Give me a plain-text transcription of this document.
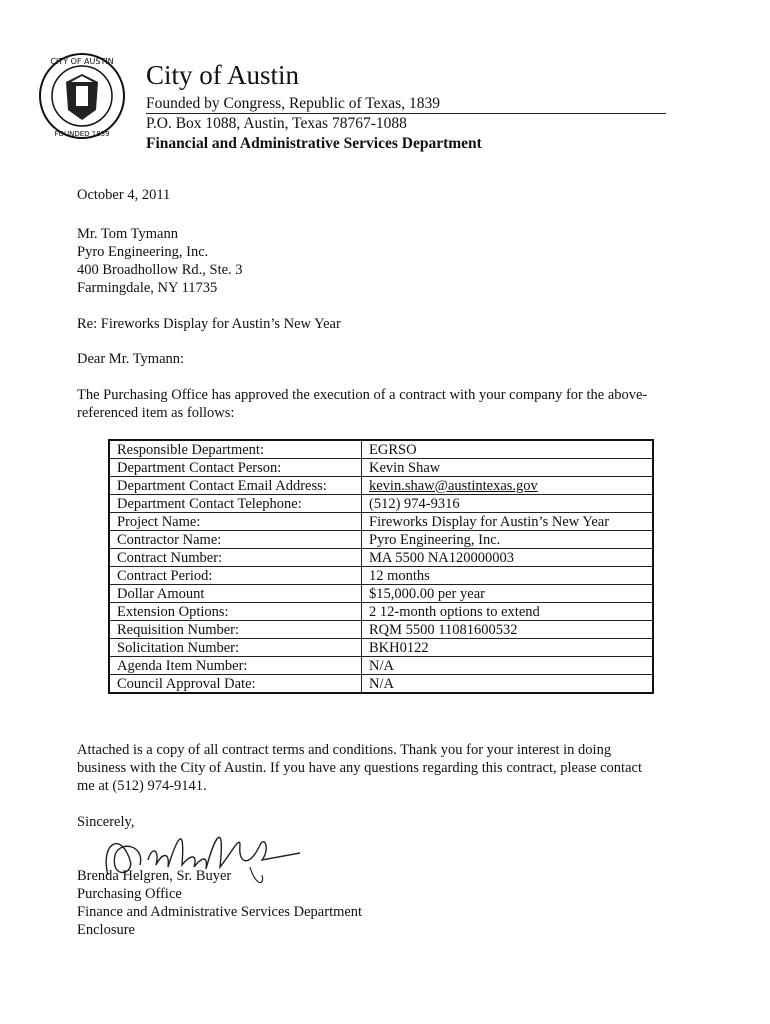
CITY OF AUSTIN
FOUNDED 1839
City of Austin
Founded by Congress, Republic of Texas, 1839
P.O. Box 1088, Austin, Texas 78767-1088
Financial and Administrative Services Department
October 4, 2011
Mr. Tom Tymann
Pyro Engineering, Inc.
400 Broadhollow Rd., Ste. 3
Farmingdale, NY 11735
Re: Fireworks Display for Austin’s New Year
Dear Mr. Tymann:
The Purchasing Office has approved the execution of a contract with your company for the above-
referenced item as follows:
Responsible Department:	EGRSO
Department Contact Person:	Kevin Shaw
Department Contact Email Address:	kevin.shaw@austintexas.gov
Department Contact Telephone:	(512) 974-9316
Project Name:	Fireworks Display for Austin’s New Year
Contractor Name:	Pyro Engineering, Inc.
Contract Number:	MA 5500 NA120000003
Contract Period:	12 months
Dollar Amount	$15,000.00 per year
Extension Options:	2 12-month options to extend
Requisition Number:	RQM 5500 11081600532
Solicitation Number:	BKH0122
Agenda Item Number:	N/A
Council Approval Date:	N/A
Attached is a copy of all contract terms and conditions. Thank you for your interest in doing
business with the City of Austin. If you have any questions regarding this contract, please contact
me at (512) 974-9141.
Sincerely,
Brenda Helgren, Sr. Buyer
Purchasing Office
Finance and Administrative Services Department
Enclosure
